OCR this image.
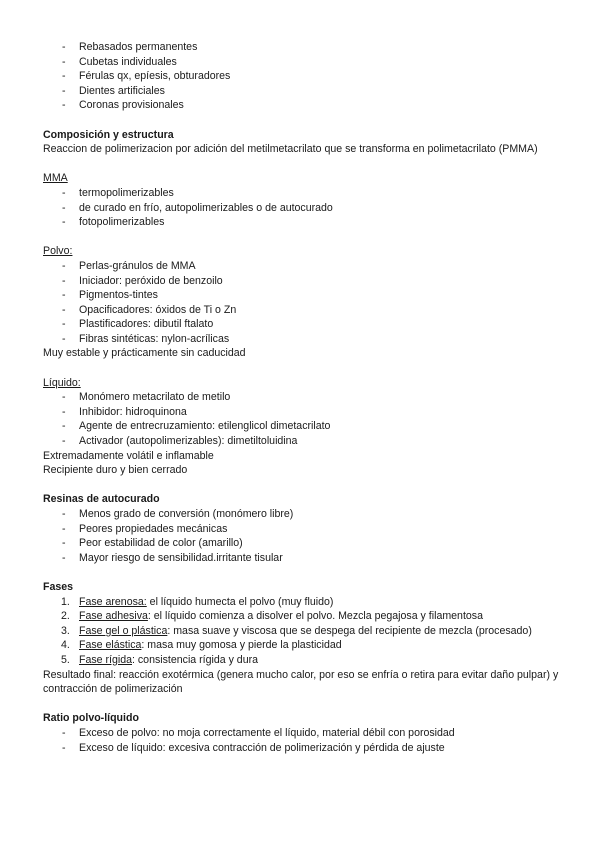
-	Rebasados permanentes
-	Cubetas individuales
-	Férulas qx, epíesis, obturadores
-	Dientes artificiales
-	Coronas provisionales
Composición y estructura
Reaccion de polimerizacion por adición del metilmetacrilato que se transforma en polimetacrilato (PMMA)
MMA
-	termopolimerizables
-	de curado en frío, autopolimerizables o de autocurado
-	fotopolimerizables
Polvo:
-	Perlas-gránulos de MMA
-	Iniciador: peróxido de benzoilo
-	Pigmentos-tintes
-	Opacificadores: óxidos de Ti o Zn
-	Plastificadores: dibutil ftalato
-	Fibras sintéticas: nylon-acrílicas
Muy estable y prácticamente sin caducidad
Líquido:
-	Monómero metacrilato de metilo
-	Inhibidor: hidroquinona
-	Agente de entrecruzamiento: etilenglicol dimetacrilato
-	Activador (autopolimerizables): dimetiltoluidina
Extremadamente volátil e inflamable
Recipiente duro y bien cerrado
Resinas de autocurado
-	Menos grado de conversión (monómero libre)
-	Peores propiedades mecánicas
-	Peor estabilidad de color (amarillo)
-	Mayor riesgo de sensibilidad.irritante tisular
Fases
1. Fase arenosa: el líquido humecta el polvo (muy fluido)
2. Fase adhesiva: el líquido comienza a disolver el polvo. Mezcla pegajosa y filamentosa
3. Fase gel o plástica: masa suave y viscosa que se despega del recipiente de mezcla (procesado)
4. Fase elástica: masa muy gomosa y pierde la plasticidad
5. Fase rígida: consistencia rígida y dura
Resultado final: reacción exotérmica (genera mucho calor, por eso se enfría o retira para evitar daño pulpar) y contracción de polimerización
Ratio polvo-líquido
-	Exceso de polvo: no moja correctamente el líquido, material débil con porosidad
-	Exceso de líquido: excesiva contracción de polimerización y pérdida de ajuste
